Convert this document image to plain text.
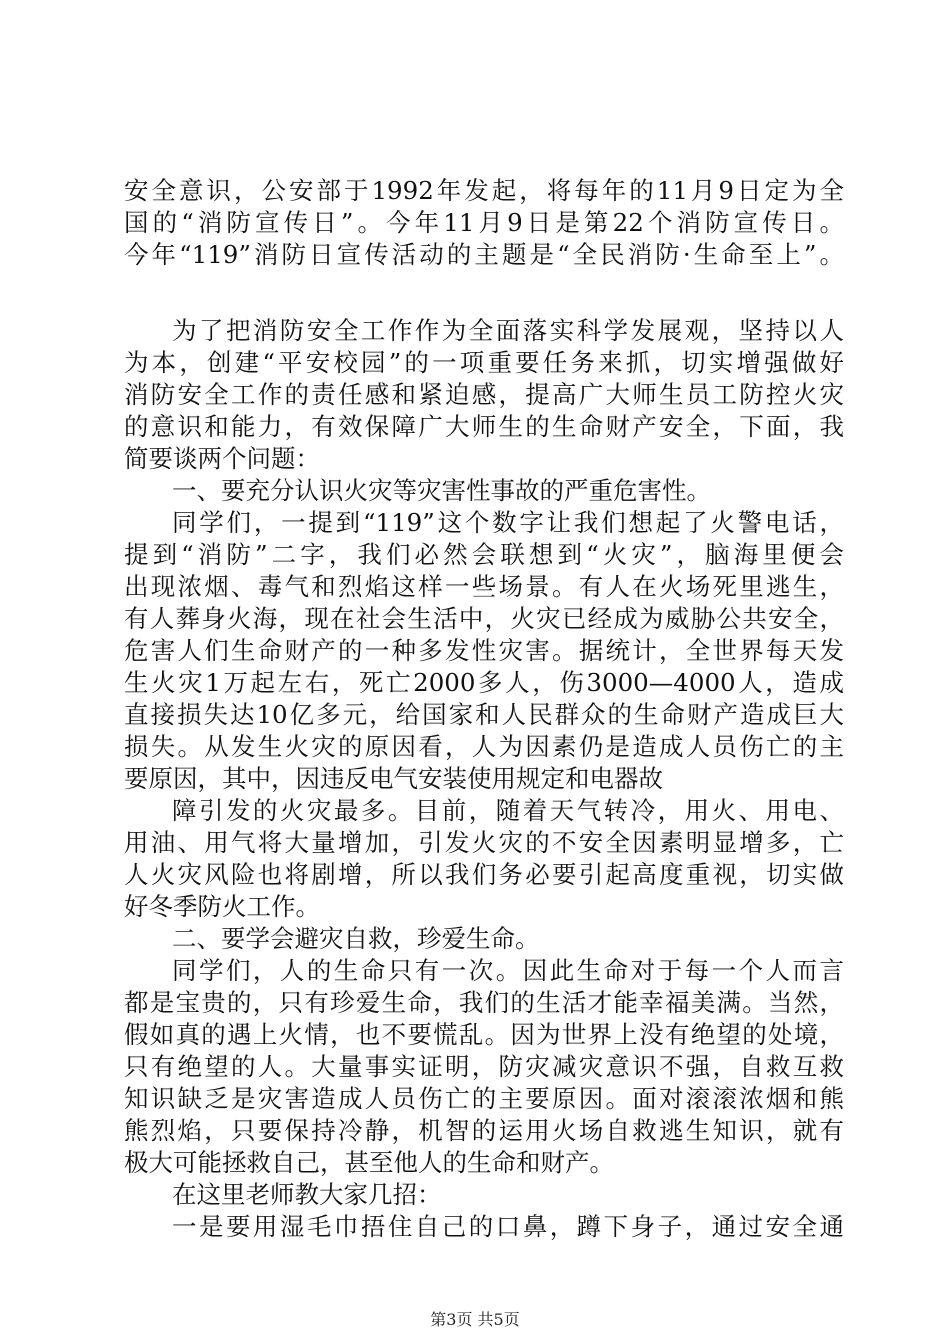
安全意识，公安部于1992年发起，将每年的11月9日定为全
国的“消防宣传日”。今年11月9日是第22个消防宣传日。
今年“119”消防日宣传活动的主题是“全民消防·生命至上”。
为了把消防安全工作作为全面落实科学发展观，坚持以人
为本，创建“平安校园”的一项重要任务来抓，切实增强做好
消防安全工作的责任感和紧迫感，提高广大师生员工防控火灾
的意识和能力，有效保障广大师生的生命财产安全，下面，我
简要谈两个问题：
一、要充分认识火灾等灾害性事故的严重危害性。
同学们，一提到“119”这个数字让我们想起了火警电话，
提到“消防”二字，我们必然会联想到“火灾”，脑海里便会
出现浓烟、毒气和烈焰这样一些场景。有人在火场死里逃生，
有人葬身火海，现在社会生活中，火灾已经成为威胁公共安全，
危害人们生命财产的一种多发性灾害。据统计，全世界每天发
生火灾1万起左右，死亡2000多人，伤3000—4000人，造成
直接损失达10亿多元，给国家和人民群众的生命财产造成巨大
损失。从发生火灾的原因看，人为因素仍是造成人员伤亡的主
要原因，其中，因违反电气安装使用规定和电器故
障引发的火灾最多。目前，随着天气转冷，用火、用电、
用油、用气将大量增加，引发火灾的不安全因素明显增多，亡
人火灾风险也将剧增，所以我们务必要引起高度重视，切实做
好冬季防火工作。
二、要学会避灾自救，珍爱生命。
同学们，人的生命只有一次。因此生命对于每一个人而言
都是宝贵的，只有珍爱生命，我们的生活才能幸福美满。当然，
假如真的遇上火情，也不要慌乱。因为世界上没有绝望的处境，
只有绝望的人。大量事实证明，防灾减灾意识不强，自救互救
知识缺乏是灾害造成人员伤亡的主要原因。面对滚滚浓烟和熊
熊烈焰，只要保持冷静，机智的运用火场自救逃生知识，就有
极大可能拯救自己，甚至他人的生命和财产。
在这里老师教大家几招：
一是要用湿毛巾捂住自己的口鼻，蹲下身子，通过安全通
第3页 共5页
